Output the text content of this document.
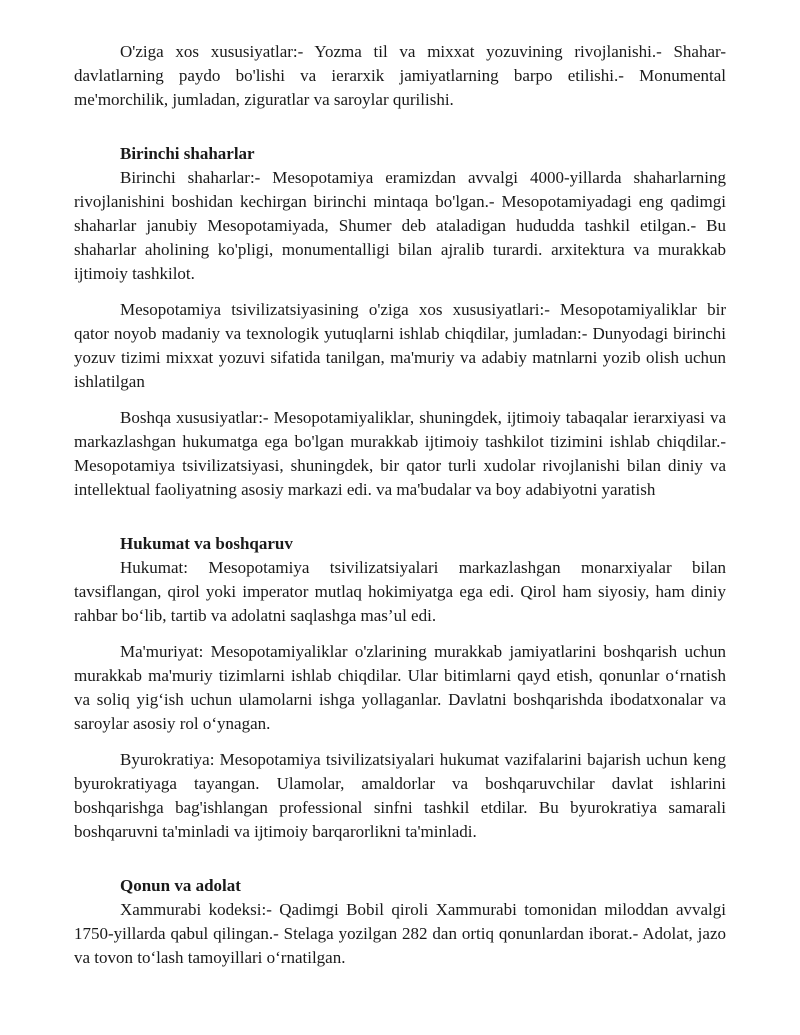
O'ziga xos xususiyatlar:- Yozma til va mixxat yozuvining rivojlanishi.- Shahar-davlatlarning paydo bo'lishi va ierarxik jamiyatlarning barpo etilishi.- Monumental me'morchilik, jumladan, ziguratlar va saroylar qurilishi.

Birinchi shaharlar

Birinchi shaharlar:- Mesopotamiya eramizdan avvalgi 4000-yillarda shaharlarning rivojlanishini boshidan kechirgan birinchi mintaqa bo'lgan.- Mesopotamiyadagi eng qadimgi shaharlar janubiy Mesopotamiyada, Shumer deb ataladigan hududda tashkil etilgan.- Bu shaharlar aholining ko'pligi, monumentalligi bilan ajralib turardi. arxitektura va murakkab ijtimoiy tashkilot.

Mesopotamiya tsivilizatsiyasining o'ziga xos xususiyatlari:- Mesopotamiyaliklar bir qator noyob madaniy va texnologik yutuqlarni ishlab chiqdilar, jumladan:- Dunyodagi birinchi yozuv tizimi mixxat yozuvi sifatida tanilgan, ma'muriy va adabiy matnlarni yozib olish uchun ishlatilgan

Boshqa xususiyatlar:- Mesopotamiyaliklar, shuningdek, ijtimoiy tabaqalar ierarxiyasi va markazlashgan hukumatga ega bo'lgan murakkab ijtimoiy tashkilot tizimini ishlab chiqdilar.- Mesopotamiya tsivilizatsiyasi, shuningdek, bir qator turli xudolar rivojlanishi bilan diniy va intellektual faoliyatning asosiy markazi edi. va ma'budalar va boy adabiyotni yaratish

Hukumat va boshqaruv

Hukumat: Mesopotamiya tsivilizatsiyalari markazlashgan monarxiyalar bilan tavsiflangan, qirol yoki imperator mutlaq hokimiyatga ega edi. Qirol ham siyosiy, ham diniy rahbar bo‘lib, tartib va adolatni saqlashga mas’ul edi.

Ma'muriyat: Mesopotamiyaliklar o'zlarining murakkab jamiyatlarini boshqarish uchun murakkab ma'muriy tizimlarni ishlab chiqdilar. Ular bitimlarni qayd etish, qonunlar o‘rnatish va soliq yig‘ish uchun ulamolarni ishga yollaganlar. Davlatni boshqarishda ibodatxonalar va saroylar asosiy rol o‘ynagan.

Byurokratiya: Mesopotamiya tsivilizatsiyalari hukumat vazifalarini bajarish uchun keng byurokratiyaga tayangan. Ulamolar, amaldorlar va boshqaruvchilar davlat ishlarini boshqarishga bag'ishlangan professional sinfni tashkil etdilar. Bu byurokratiya samarali boshqaruvni ta'minladi va ijtimoiy barqarorlikni ta'minladi.

Qonun va adolat

Xammurabi kodeksi:- Qadimgi Bobil qiroli Xammurabi tomonidan miloddan avvalgi 1750-yillarda qabul qilingan.- Stelaga yozilgan 282 dan ortiq qonunlardan iborat.- Adolat, jazo va tovon to‘lash tamoyillari o‘rnatilgan.
